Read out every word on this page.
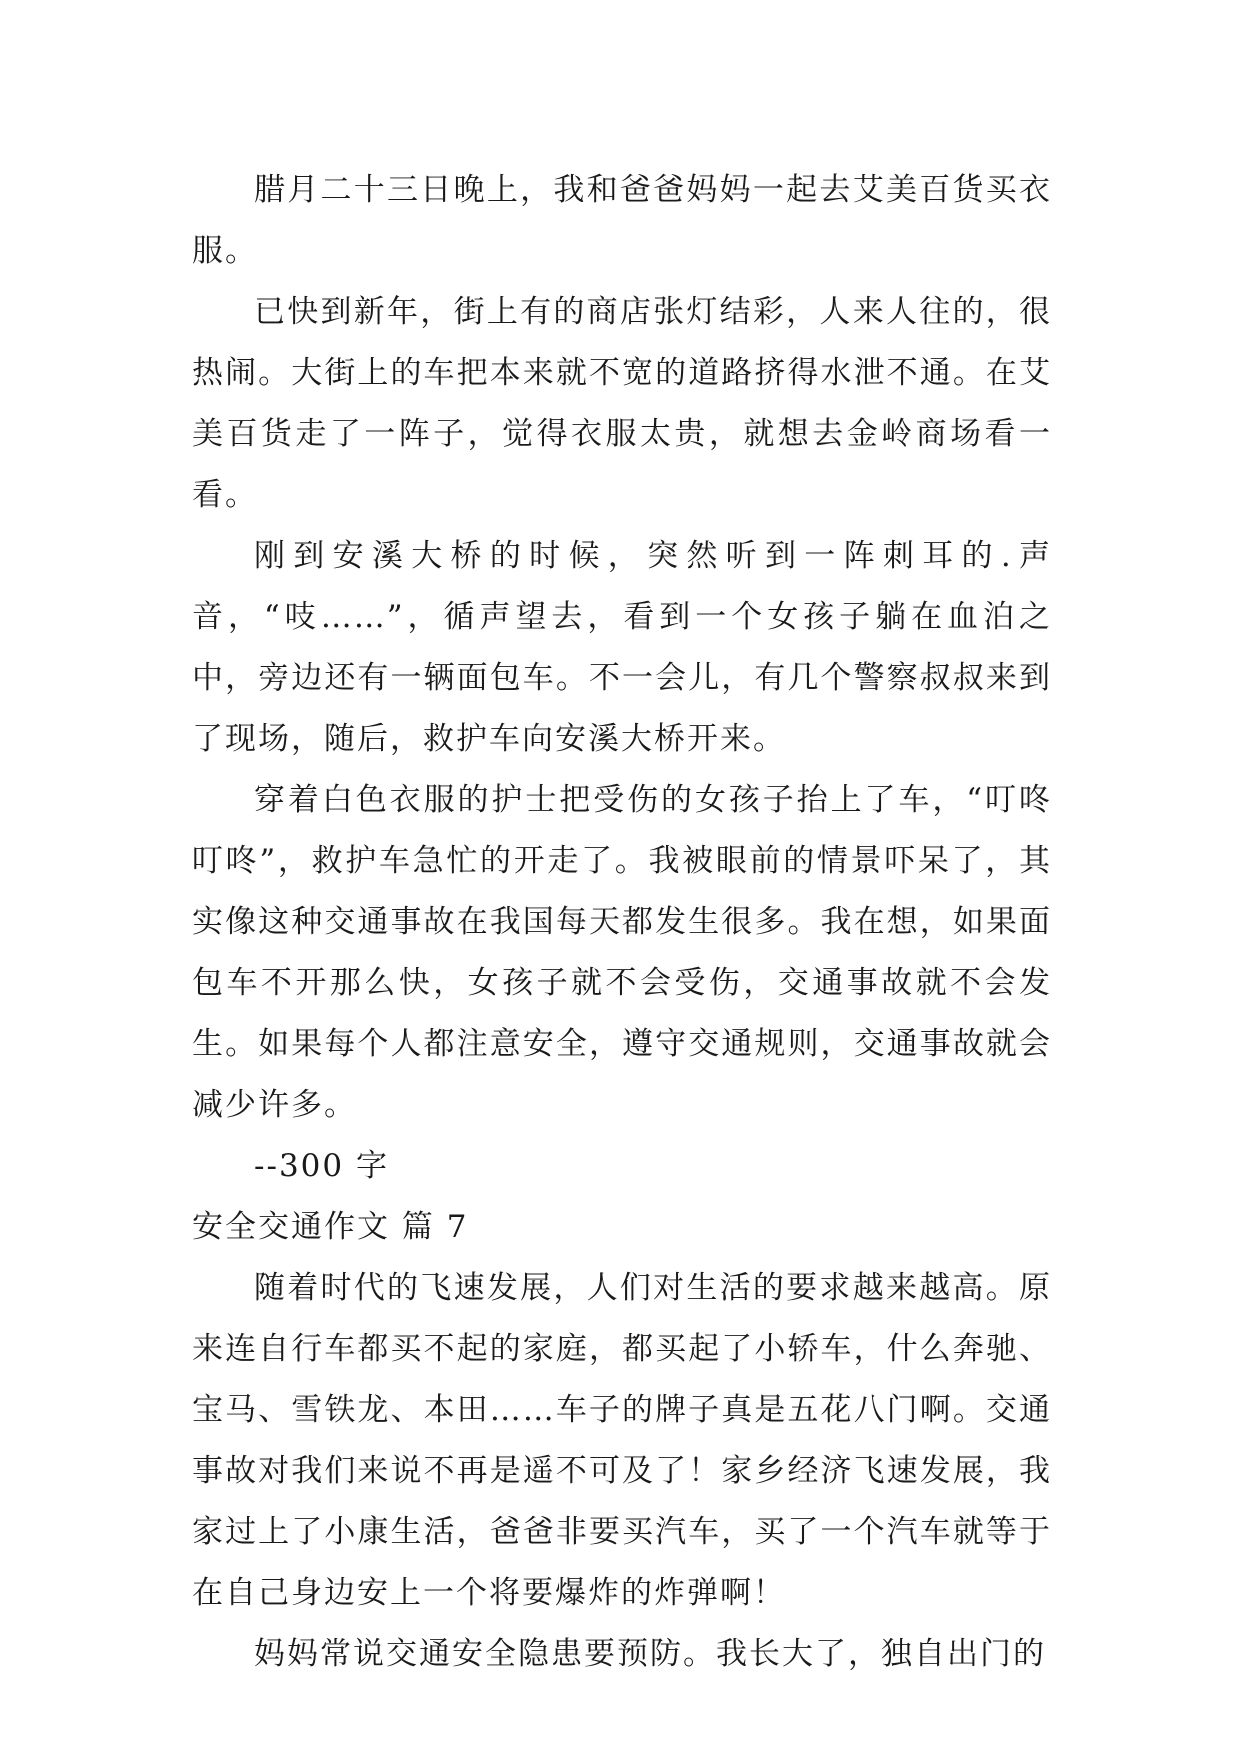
腊月二十三日晚上，我和爸爸妈妈一起去艾美百货买衣服。

已快到新年，街上有的商店张灯结彩，人来人往的，很热闹。大街上的车把本来就不宽的道路挤得水泄不通。在艾美百货走了一阵子，觉得衣服太贵，就想去金岭商场看一看。

刚到安溪大桥的时候，突然听到一阵刺耳的.声音，“吱……”，循声望去，看到一个女孩子躺在血泊之中，旁边还有一辆面包车。不一会儿，有几个警察叔叔来到了现场，随后，救护车向安溪大桥开来。

穿着白色衣服的护士把受伤的女孩子抬上了车，“叮咚叮咚”，救护车急忙的开走了。我被眼前的情景吓呆了，其实像这种交通事故在我国每天都发生很多。我在想，如果面包车不开那么快，女孩子就不会受伤，交通事故就不会发生。如果每个人都注意安全，遵守交通规则，交通事故就会减少许多。

--300 字

安全交通作文 篇 7

随着时代的飞速发展，人们对生活的要求越来越高。原来连自行车都买不起的家庭，都买起了小轿车，什么奔驰、宝马、雪铁龙、本田……车子的牌子真是五花八门啊。交通事故对我们来说不再是遥不可及了！家乡经济飞速发展，我家过上了小康生活，爸爸非要买汽车，买了一个汽车就等于在自己身边安上一个将要爆炸的炸弹啊！

妈妈常说交通安全隐患要预防。我长大了，独自出门的
